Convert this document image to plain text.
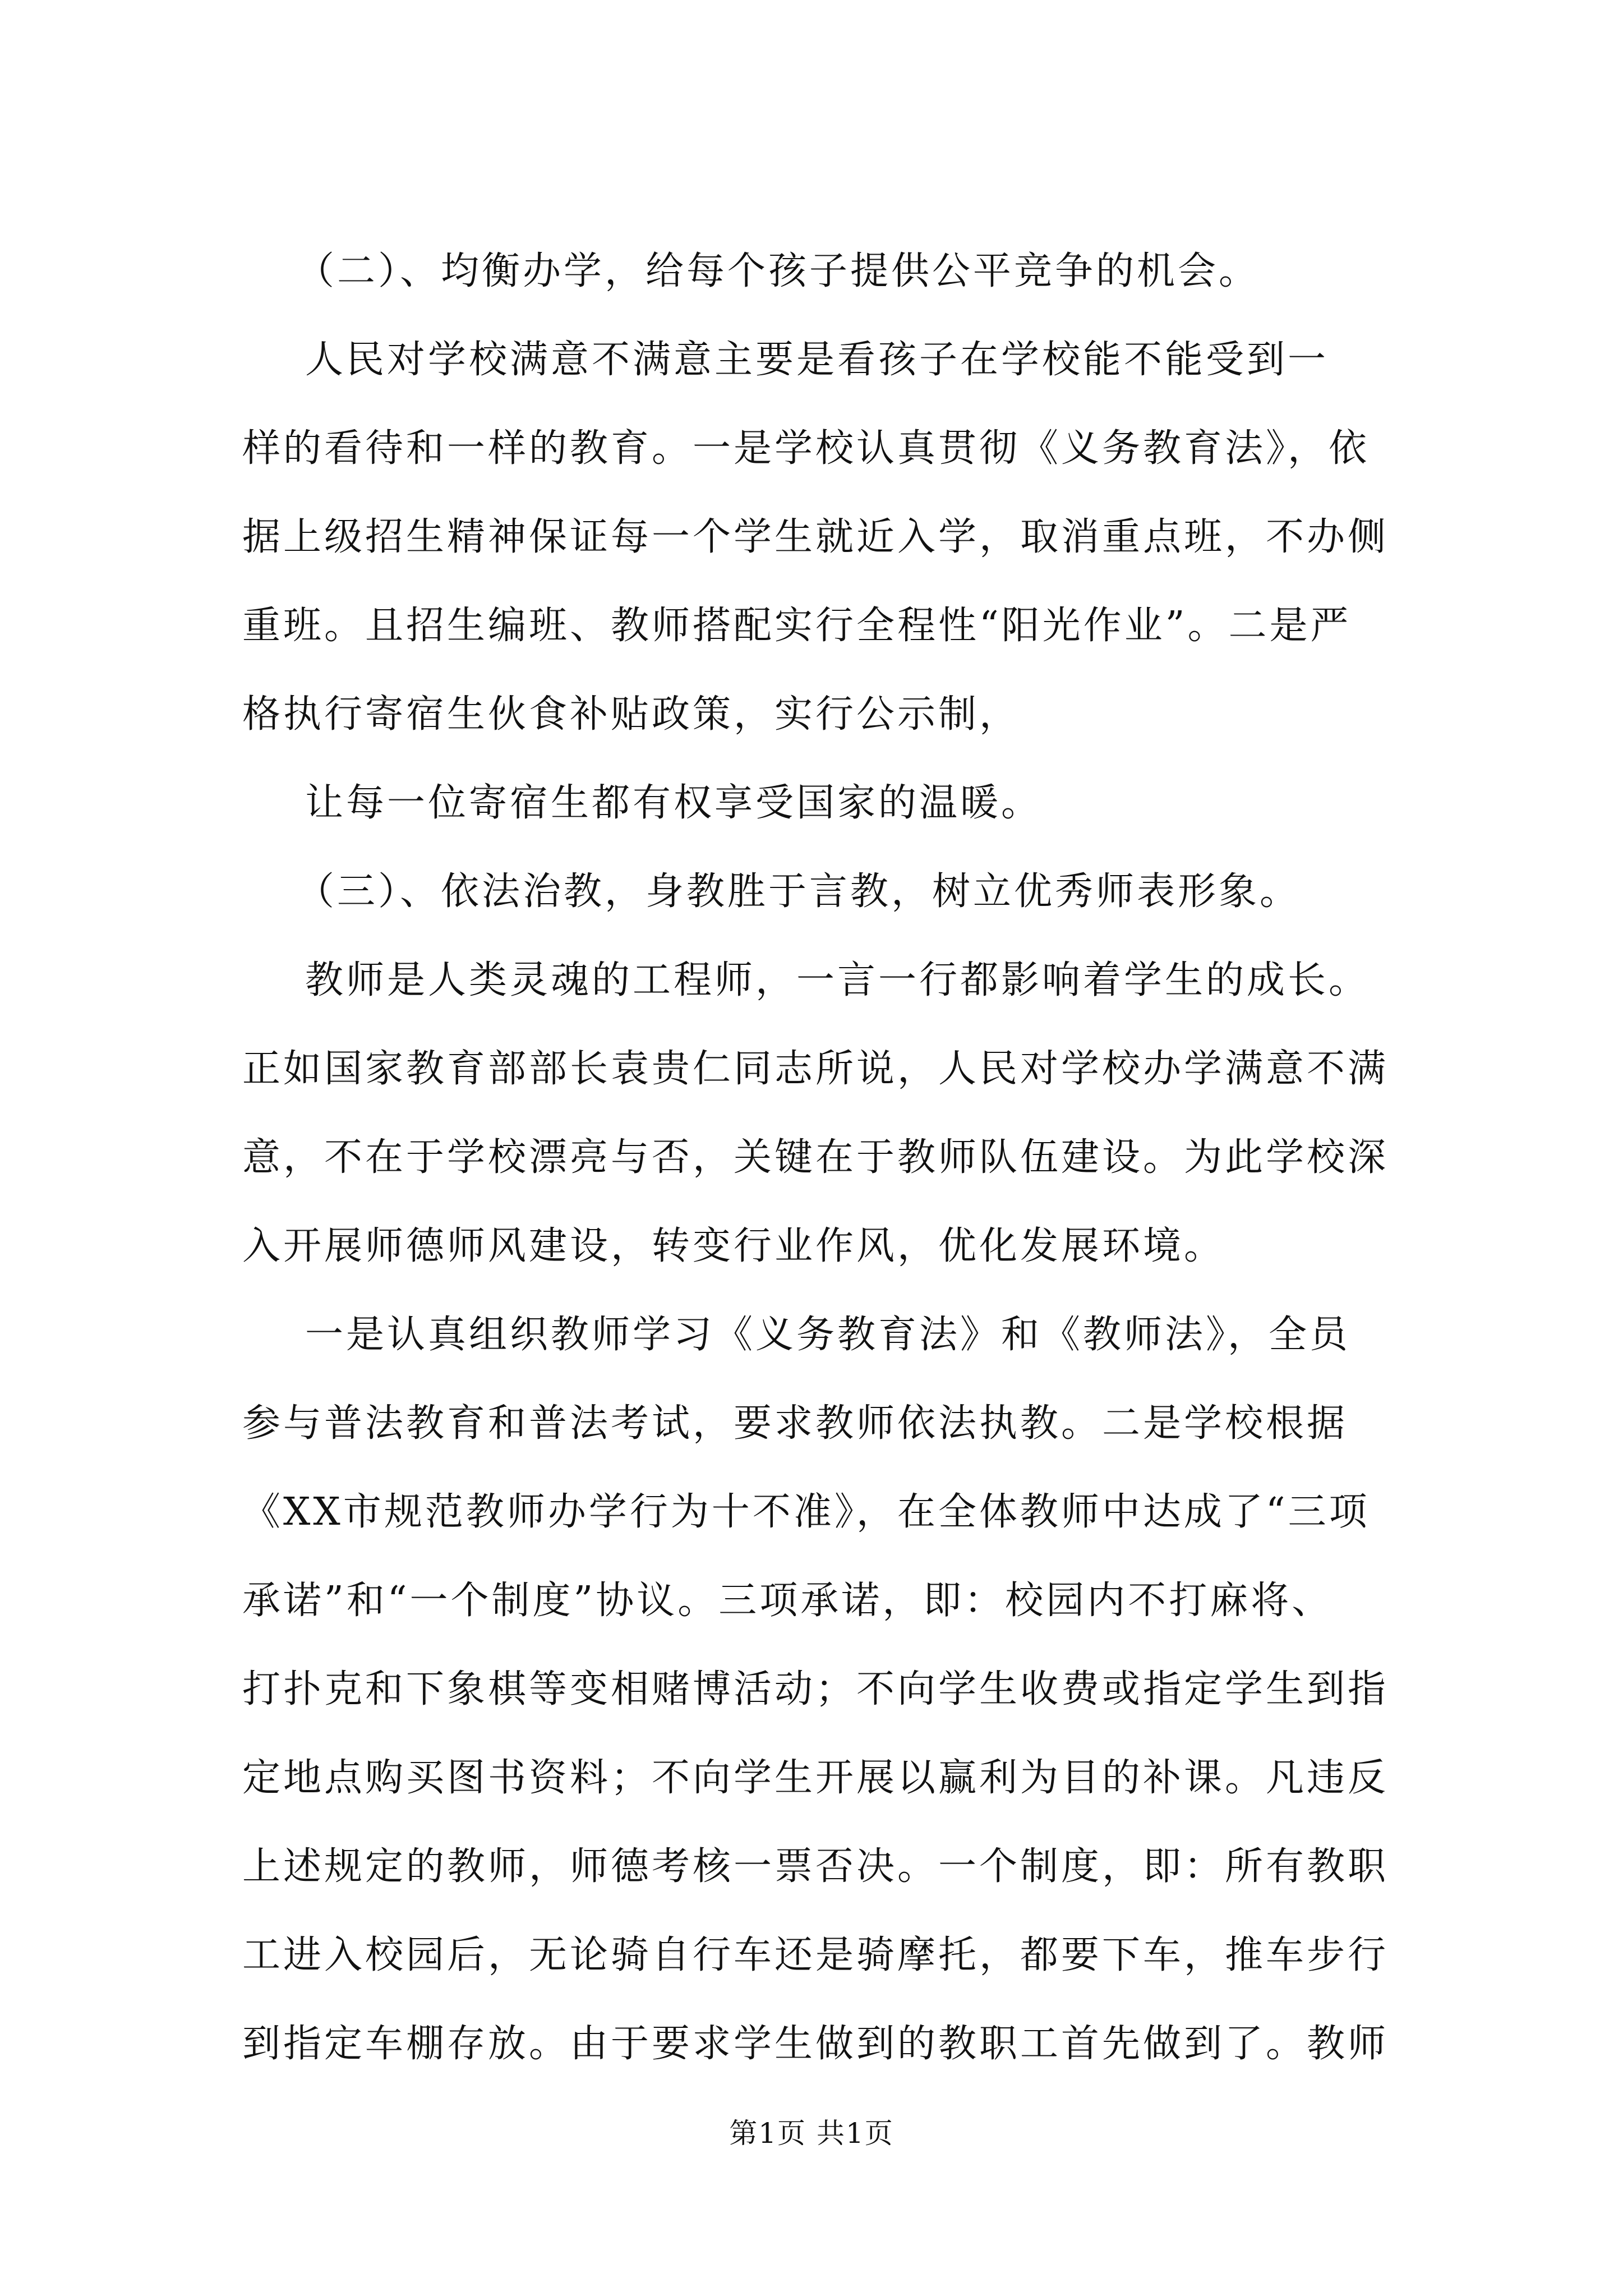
（二）、均衡办学，给每个孩子提供公平竞争的机会。
人民对学校满意不满意主要是看孩子在学校能不能受到一
样的看待和一样的教育。一是学校认真贯彻《义务教育法》，依
据上级招生精神保证每一个学生就近入学，取消重点班，不办侧
重班。且招生编班、教师搭配实行全程性“阳光作业”。二是严
格执行寄宿生伙食补贴政策，实行公示制，
让每一位寄宿生都有权享受国家的温暖。
（三）、依法治教，身教胜于言教，树立优秀师表形象。
教师是人类灵魂的工程师，一言一行都影响着学生的成长。
正如国家教育部部长袁贵仁同志所说，人民对学校办学满意不满
意，不在于学校漂亮与否，关键在于教师队伍建设。为此学校深
入开展师德师风建设，转变行业作风，优化发展环境。
一是认真组织教师学习《义务教育法》和《教师法》，全员
参与普法教育和普法考试，要求教师依法执教。二是学校根据
《XX市规范教师办学行为十不准》，在全体教师中达成了“三项
承诺”和“一个制度”协议。三项承诺，即：校园内不打麻将、
打扑克和下象棋等变相赌博活动；不向学生收费或指定学生到指
定地点购买图书资料；不向学生开展以赢利为目的补课。凡违反
上述规定的教师，师德考核一票否决。一个制度，即：所有教职
工进入校园后，无论骑自行车还是骑摩托，都要下车，推车步行
到指定车棚存放。由于要求学生做到的教职工首先做到了。教师
第1页 共1页
